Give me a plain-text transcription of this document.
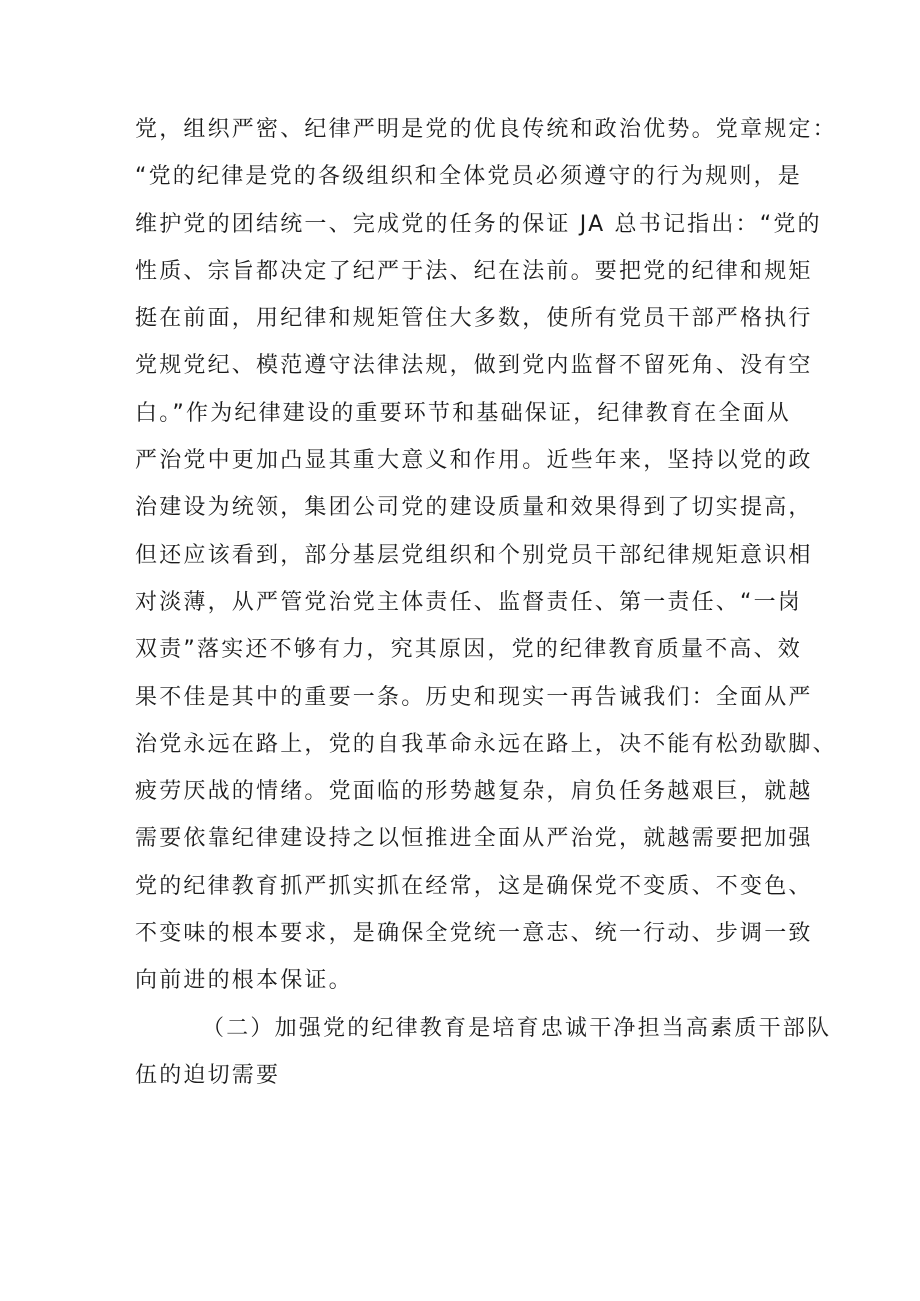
党，组织严密、纪律严明是党的优良传统和政治优势。党章规定：
“党的纪律是党的各级组织和全体党员必须遵守的行为规则，是
维护党的团结统一、完成党的任务的保证 JA 总书记指出：“党的
性质、宗旨都决定了纪严于法、纪在法前。要把党的纪律和规矩
挺在前面，用纪律和规矩管住大多数，使所有党员干部严格执行
党规党纪、模范遵守法律法规，做到党内监督不留死角、没有空
白。”作为纪律建设的重要环节和基础保证，纪律教育在全面从
严治党中更加凸显其重大意义和作用。近些年来，坚持以党的政
治建设为统领，集团公司党的建设质量和效果得到了切实提高，
但还应该看到，部分基层党组织和个别党员干部纪律规矩意识相
对淡薄，从严管党治党主体责任、监督责任、第一责任、“一岗
双责”落实还不够有力，究其原因，党的纪律教育质量不高、效
果不佳是其中的重要一条。历史和现实一再告诫我们：全面从严
治党永远在路上，党的自我革命永远在路上，决不能有松劲歇脚、
疲劳厌战的情绪。党面临的形势越复杂，肩负任务越艰巨，就越
需要依靠纪律建设持之以恒推进全面从严治党，就越需要把加强
党的纪律教育抓严抓实抓在经常，这是确保党不变质、不变色、
不变味的根本要求，是确保全党统一意志、统一行动、步调一致
向前进的根本保证。
（二）加强党的纪律教育是培育忠诚干净担当高素质干部队
伍的迫切需要
